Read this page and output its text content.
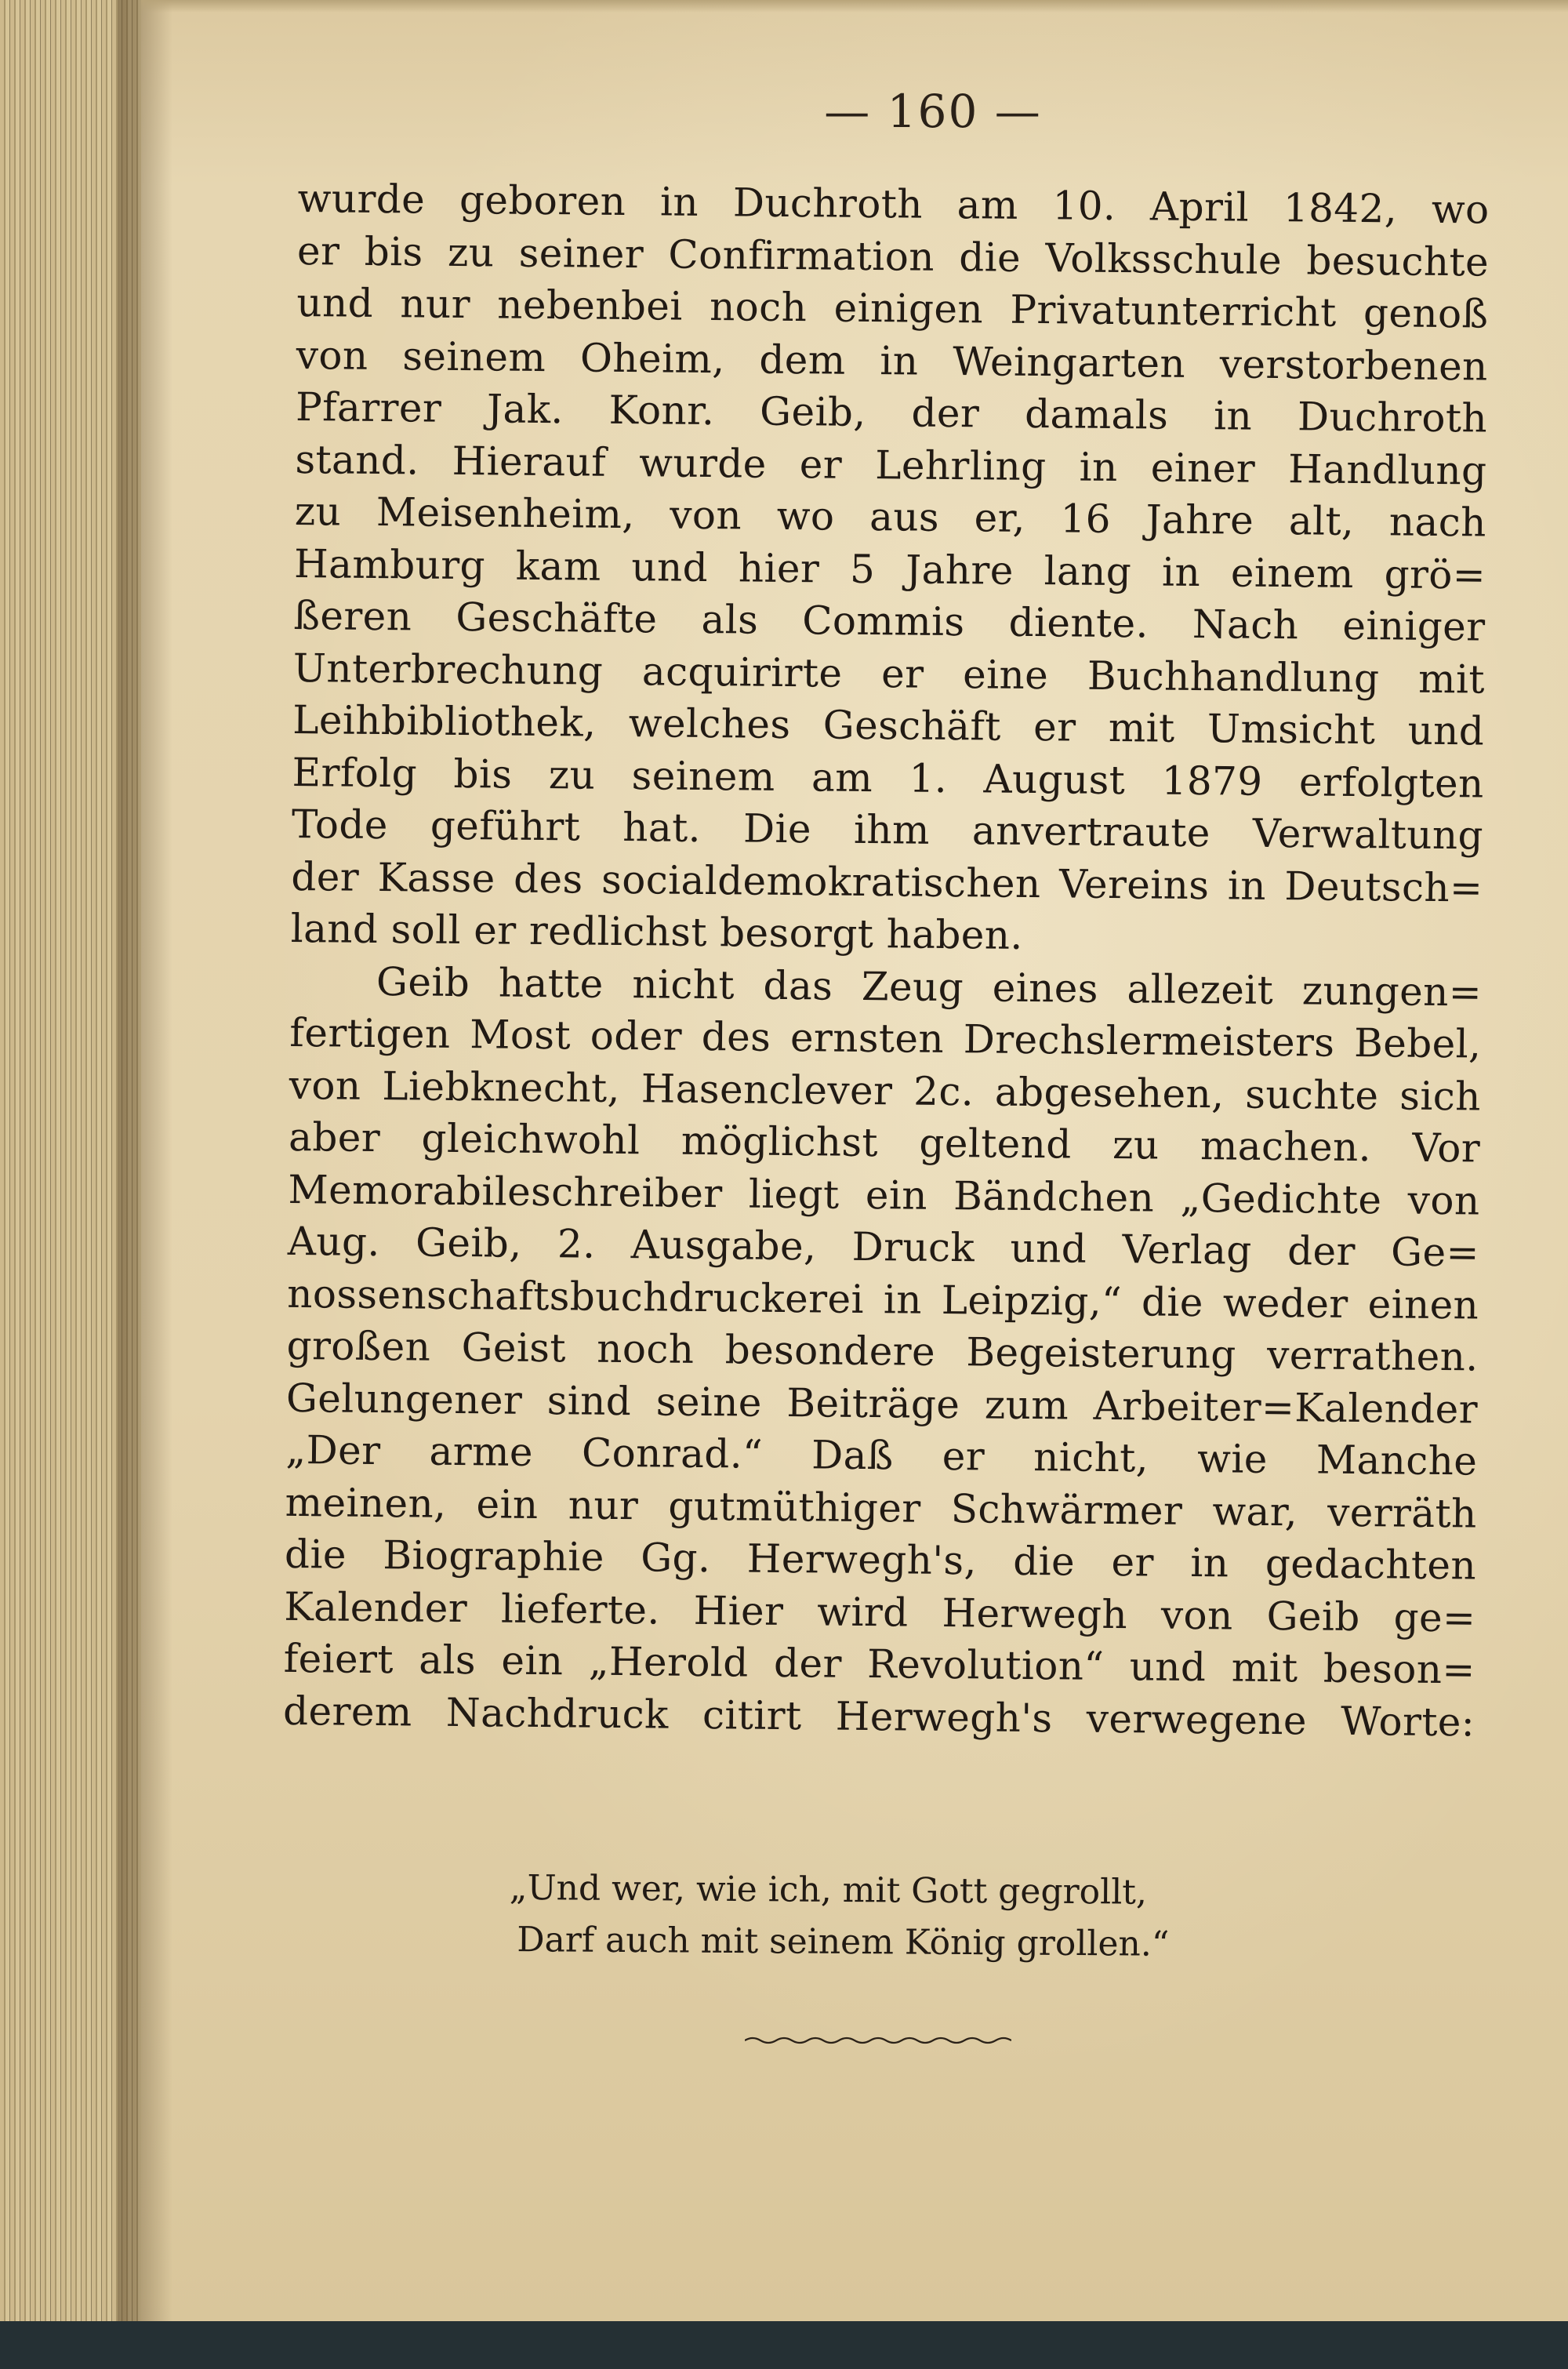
— 160 —
wurde geboren in Duchroth am 10. April 1842, wo
er bis zu seiner Confirmation die Volksschule besuchte
und nur nebenbei noch einigen Privatunterricht genoß
von seinem Oheim, dem in Weingarten verstorbenen
Pfarrer Jak. Konr. Geib, der damals in Duchroth
stand. Hierauf wurde er Lehrling in einer Handlung
zu Meisenheim, von wo aus er, 16 Jahre alt, nach
Hamburg kam und hier 5 Jahre lang in einem grö=
ßeren Geschäfte als Commis diente. Nach einiger
Unterbrechung acquirirte er eine Buchhandlung mit
Leihbibliothek, welches Geschäft er mit Umsicht und
Erfolg bis zu seinem am 1. August 1879 erfolgten
Tode geführt hat. Die ihm anvertraute Verwaltung
der Kasse des socialdemokratischen Vereins in Deutsch=
land soll er redlichst besorgt haben.
Geib hatte nicht das Zeug eines allezeit zungen=
fertigen Most oder des ernsten Drechslermeisters Bebel,
von Liebknecht, Hasenclever 2c. abgesehen, suchte sich
aber gleichwohl möglichst geltend zu machen. Vor
Memorabileschreiber liegt ein Bändchen „Gedichte von
Aug. Geib, 2. Ausgabe, Druck und Verlag der Ge=
nossenschaftsbuchdruckerei in Leipzig,“ die weder einen
großen Geist noch besondere Begeisterung verrathen.
Gelungener sind seine Beiträge zum Arbeiter=Kalender
„Der arme Conrad.“ Daß er nicht, wie Manche
meinen, ein nur gutmüthiger Schwärmer war, verräth
die Biographie Gg. Herwegh's, die er in gedachten
Kalender lieferte. Hier wird Herwegh von Geib ge=
feiert als ein „Herold der Revolution“ und mit beson=
derem Nachdruck citirt Herwegh's verwegene Worte:
„Und wer, wie ich, mit Gott gegrollt,
Darf auch mit seinem König grollen.“
